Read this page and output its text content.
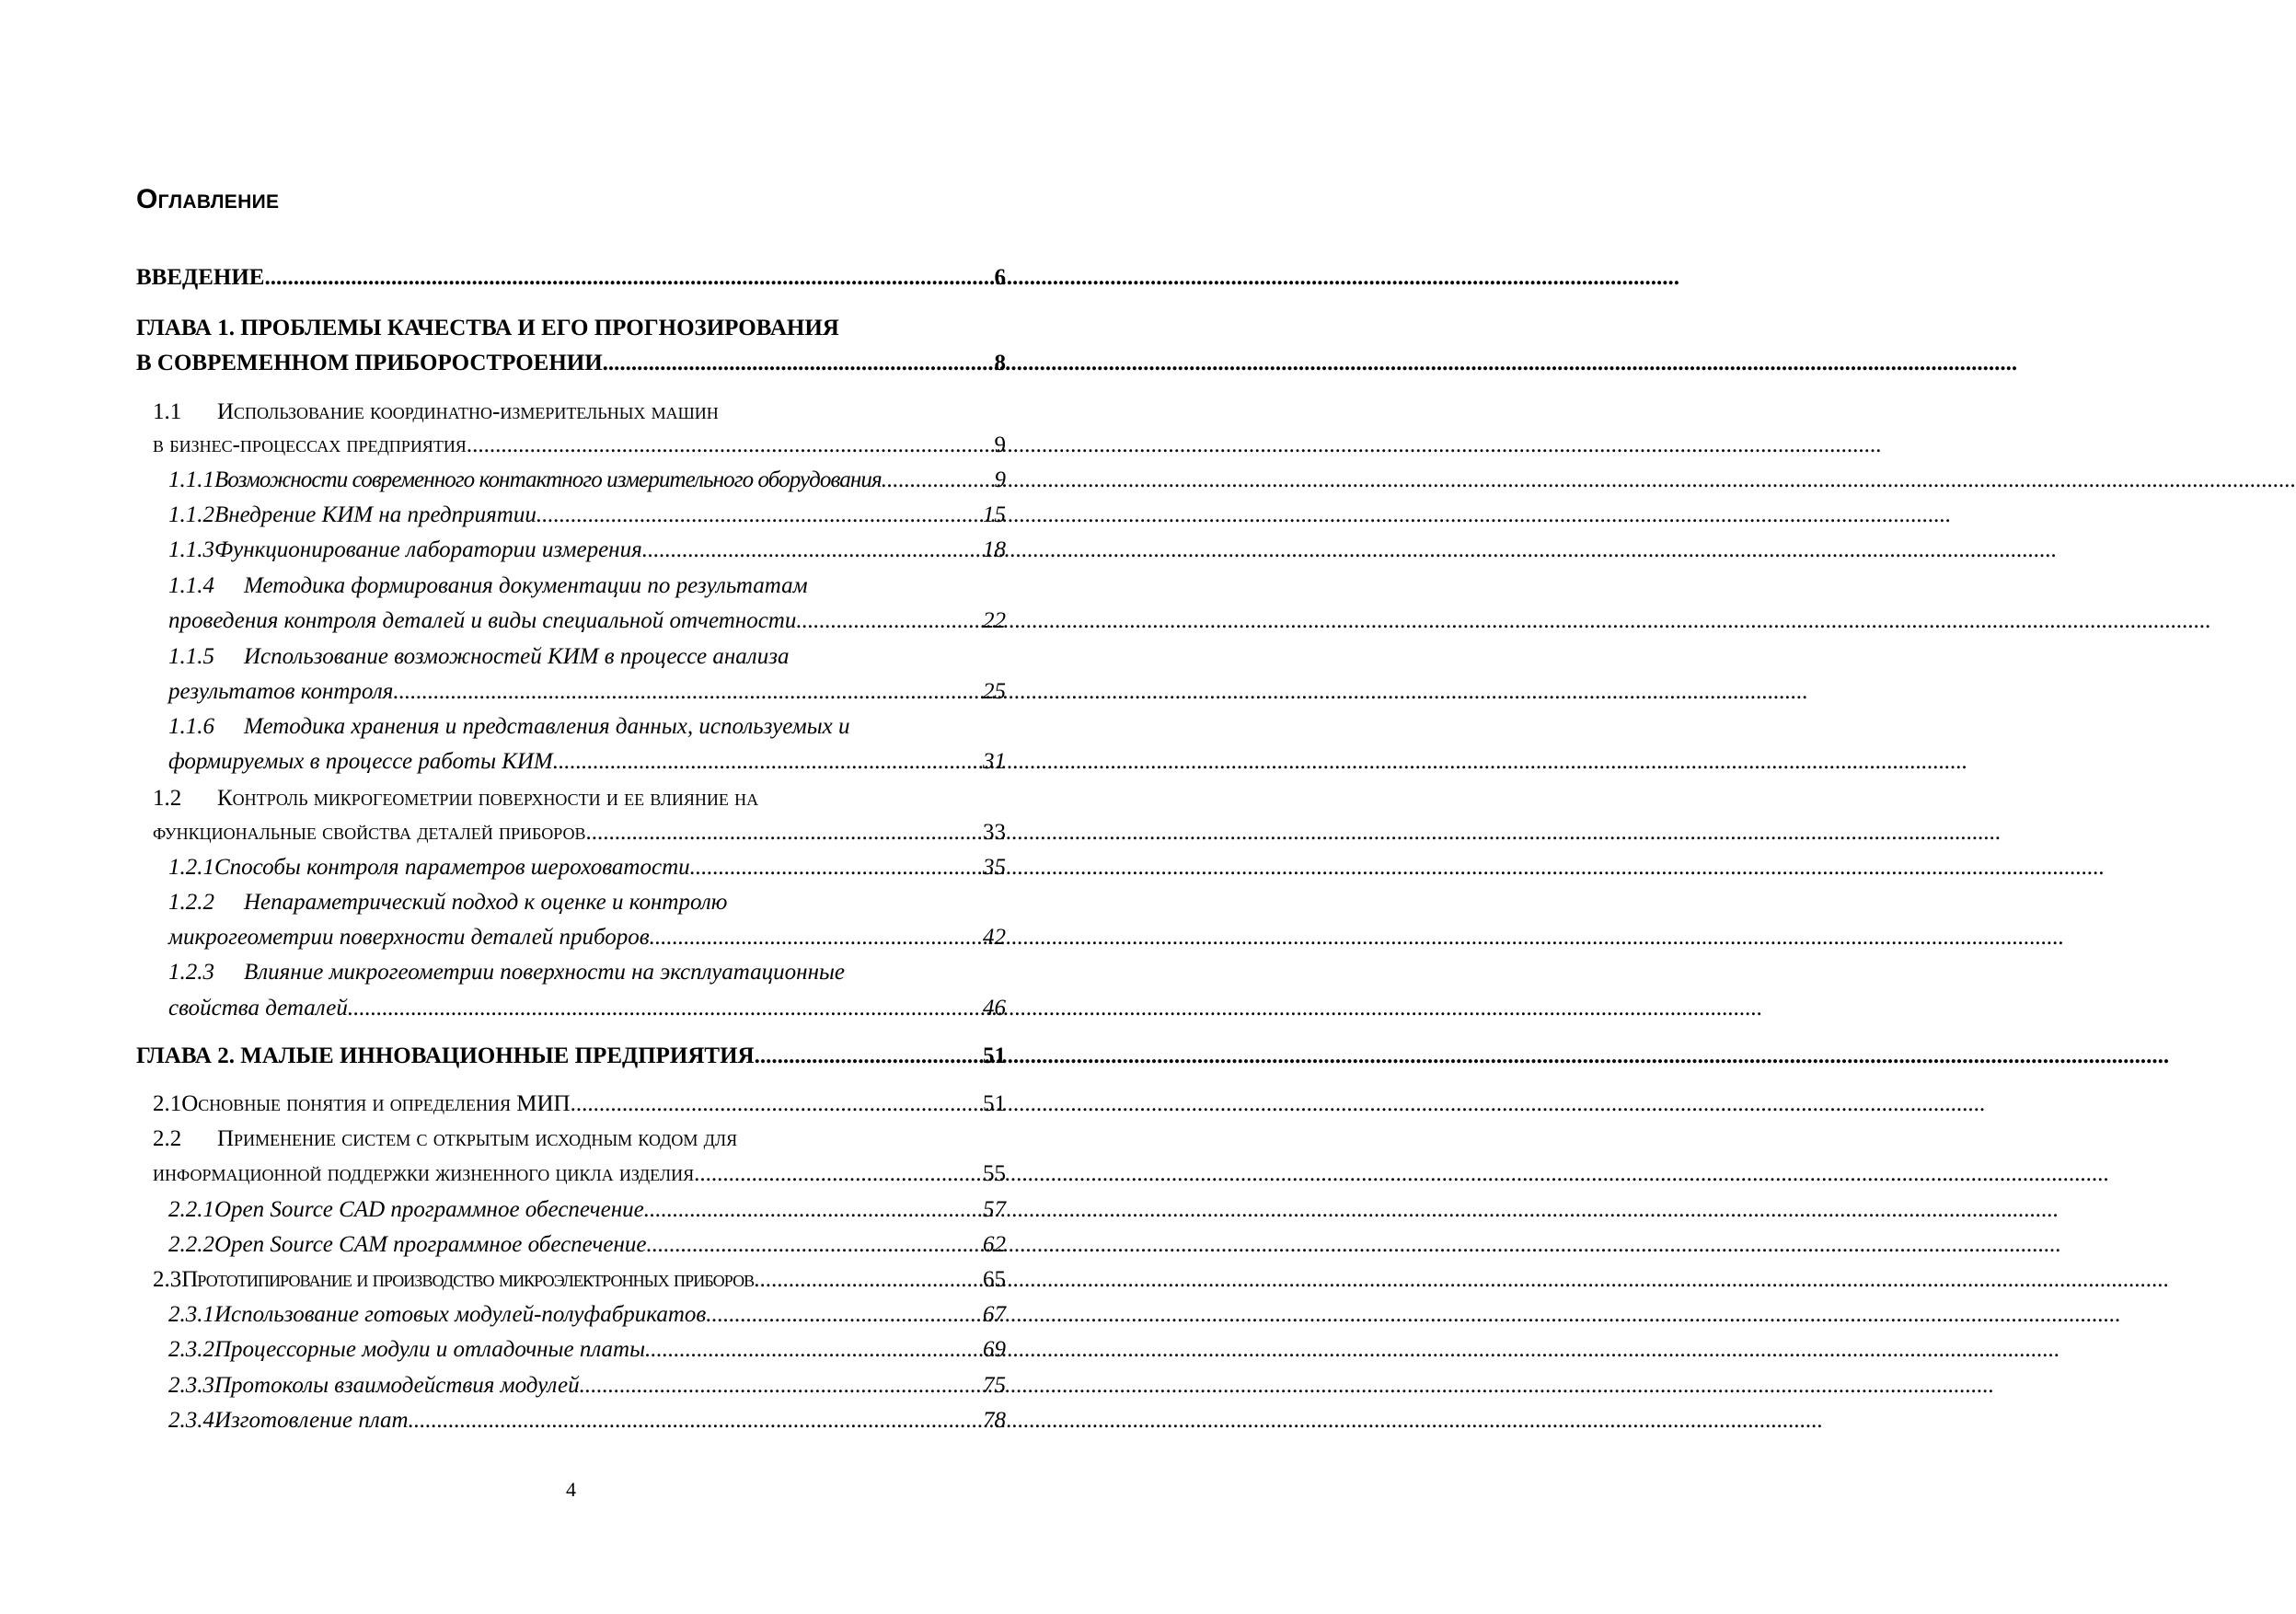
Оглавление
ВВЕДЕНИЕ .....	6
ГЛАВА 1. ПРОБЛЕМЫ КАЧЕСТВА И ЕГО ПРОГНОЗИРОВАНИЯ
В СОВРЕМЕННОМ ПРИБОРОСТРОЕНИИ .....	8
1.1	Использование координатно-измерительных машин
в бизнес-процессах предприятия .....	9
1.1.1 Возможности современного контактного измерительного оборудования .....	9
1.1.2 Внедрение КИМ на предприятии .....	15
1.1.3 Функционирование лаборатории измерения .....	18
1.1.4	Методика формирования документации по результатам
проведения контроля деталей и виды специальной отчетности .....	22
1.1.5	Использование возможностей КИМ в процессе анализа
результатов контроля .....	25
1.1.6	Методика хранения и представления данных, используемых и
формируемых в процессе работы КИМ .....	31
1.2	Контроль микрогеометрии поверхности и ее влияние на
функциональные свойства деталей приборов .....	33
1.2.1 Способы контроля параметров шероховатости .....	35
1.2.2	Непараметрический подход к оценке и контролю
микрогеометрии поверхности деталей приборов .....	42
1.2.3	Влияние микрогеометрии поверхности на эксплуатационные
свойства деталей .....	46
ГЛАВА 2. МАЛЫЕ ИННОВАЦИОННЫЕ ПРЕДПРИЯТИЯ .....	51
2.1 Основные понятия и определения МИП .....	51
2.2	Применение систем с открытым исходным кодом для
информационной поддержки жизненного цикла изделия .....	55
2.2.1 Open Source CAD программное обеспечение .....	57
2.2.2 Open Source CAM программное обеспечение .....	62
2.3 Прототипирование и производство микроэлектронных приборов .....	65
2.3.1 Использование готовых модулей-полуфабрикатов .....	67
2.3.2 Процессорные модули и отладочные платы .....	69
2.3.3 Протоколы взаимодействия модулей .....	75
2.3.4 Изготовление плат .....	78
4
